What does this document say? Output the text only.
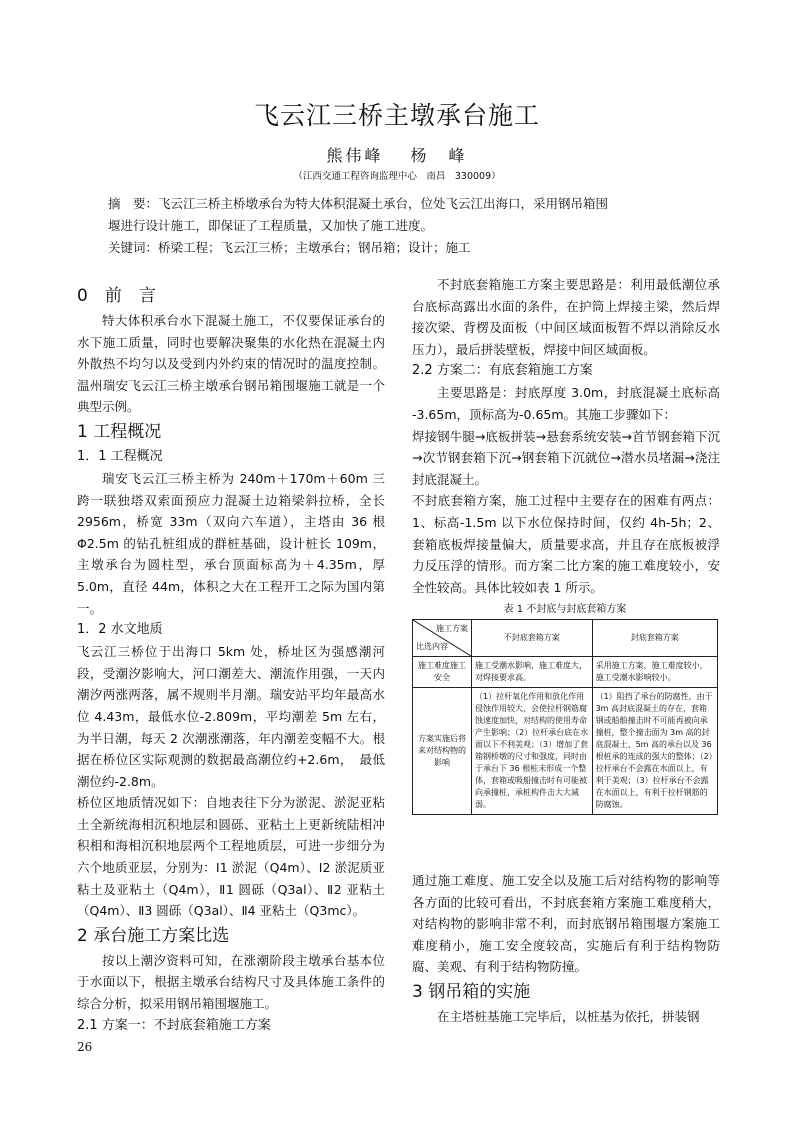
飞云江三桥主墩承台施工
熊伟峰　 杨　峰
（江西交通工程咨询监理中心　南昌　330009）

摘　要：飞云江三桥主桥墩承台为特大体积混凝土承台，位处飞云江出海口，采用钢吊箱围

堰进行设计施工，即保证了工程质量，又加快了施工进度。

关键词：桥梁工程；飞云江三桥；主墩承台；钢吊箱；设计；施工
0　前　言

特大体积承台水下混凝土施工，不仅要保证承台的水下施工质量，同时也要解决聚集的水化热在混凝土内外散热不均匀以及受到内外约束的情况时的温度控制。温州瑞安飞云江三桥主墩承台钢吊箱围堰施工就是一个典型示例。

1 工程概况
1．1 工程概况

瑞安飞云江三桥主桥为 240m＋170m＋60m 三跨一联独塔双索面预应力混凝土边箱梁斜拉桥，全长 2956m，桥宽 33m（双向六车道），主塔由 36 根 Φ2.5m 的钻孔桩组成的群桩基础，设计桩长 109m，主墩承台为圆柱型，承台顶面标高为＋4.35m，厚 5.0m，直径 44m，体积之大在工程开工之际为国内第一。

1．2 水文地质

飞云江三桥位于出海口 5km 处，桥址区为强感潮河段，受潮汐影响大，河口潮差大、潮流作用强，一天内潮汐两涨两落，属不规则半月潮。瑞安站平均年最高水位 4.43m，最低水位-2.809m，平均潮差 5m 左右，为半日潮，每天 2 次潮涨潮落，年内潮差变幅不大。根据在桥位区实际观测的数据最高潮位约+2.6m，　最低潮位约-2.8m。

桥位区地质情况如下：自地表往下分为淤泥、淤泥亚粘土全新统海相沉积地层和圆砾、亚粘土上更新统陆相冲积相和海相沉积地层两个工程地质层，可进一步细分为六个地质亚层，分别为：Ⅰ1 淤泥（Q4m）、Ⅰ2 淤泥质亚粘土及亚粘土（Q4m），Ⅱ1 圆砾（Q3al）、Ⅱ2 亚粘土（Q4m）、Ⅱ3 圆砾（Q3al）、Ⅱ4 亚粘土（Q3mc）。

2 承台施工方案比选

按以上潮汐资料可知，在涨潮阶段主墩承台基本位于水面以下，根据主墩承台结构尺寸及具体施工条件的综合分析，拟采用钢吊箱围堰施工。

2.1 方案一：不封底套箱施工方案

不封底套箱施工方案主要思路是：利用最低潮位承台底标高露出水面的条件，在护筒上焊接主梁，然后焊接次梁、背楞及面板（中间区域面板暂不焊以消除反水压力），最后拼装壁板，焊接中间区域面板。

2.2 方案二：有底套箱施工方案

主要思路是：封底厚度 3.0m，封底混凝土底标高 -3.65m，顶标高为-0.65m。其施工步骤如下：

焊接钢牛腿→底板拼装→悬套系统安装→首节钢套箱下沉→次节钢套箱下沉→钢套箱下沉就位→潜水员堵漏→浇注封底混凝土。

不封底套箱方案，施工过程中主要存在的困难有两点：1、标高-1.5m 以下水位保持时间，仅约 4h-5h；2、套箱底板焊接量偏大，质量要求高，并且存在底板被浮力反压浮的情形。而方案二比方案的施工难度较小，安全性较高。具体比较如表 1 所示。

表 1 不封底与封底套箱方案
施工方案
比选内容	不封底套箱方案	封底套箱方案
施工难度施工安全	施工受潮水影响，施工难度大，对焊接要求高。	采用施工方案，施工难度较小，施工受潮水影响较小。
方案实施后将来对结构物的影响	（1）拉杆氧化作用和放化作用侵蚀作用较大，会使拉杆钢筋腐蚀速度加快，对结构的使用寿命产生影响；（2）拉杆承台底在水面以下不利美观；（3）增加了套箱钢桥墩的尺寸和强度，同时由于承台下 36 根桩未形成一个整体，套箱或吸船撞击时有可能被向承撞桩，承桩构件击大大减弱。	（1）阻挡了承台的防腐性，由于 3m 高封底混凝土的存在，套箱钢或船舶撞击时不可能再被向承撞桩，整个撞击面为 3m 高的封底混凝土、5m 高的承台以及 36 根桩承的连成的强大的整体；（2）拉杆承台不会露在水面以上，有利于美观；（3）拉杆承台不会露在水面以上，有利于拉杆钢筋的防腐蚀。

通过施工难度、施工安全以及施工后对结构物的影响等各方面的比较可看出，不封底套箱方案施工难度稍大，对结构物的影响非常不利，而封底钢吊箱围堰方案施工难度稍小，施工安全度较高，实施后有利于结构物防腐、美观、有利于结构物防撞。

3 钢吊箱的实施

在主塔桩基施工完毕后，以桩基为依托，拼装钢

26
